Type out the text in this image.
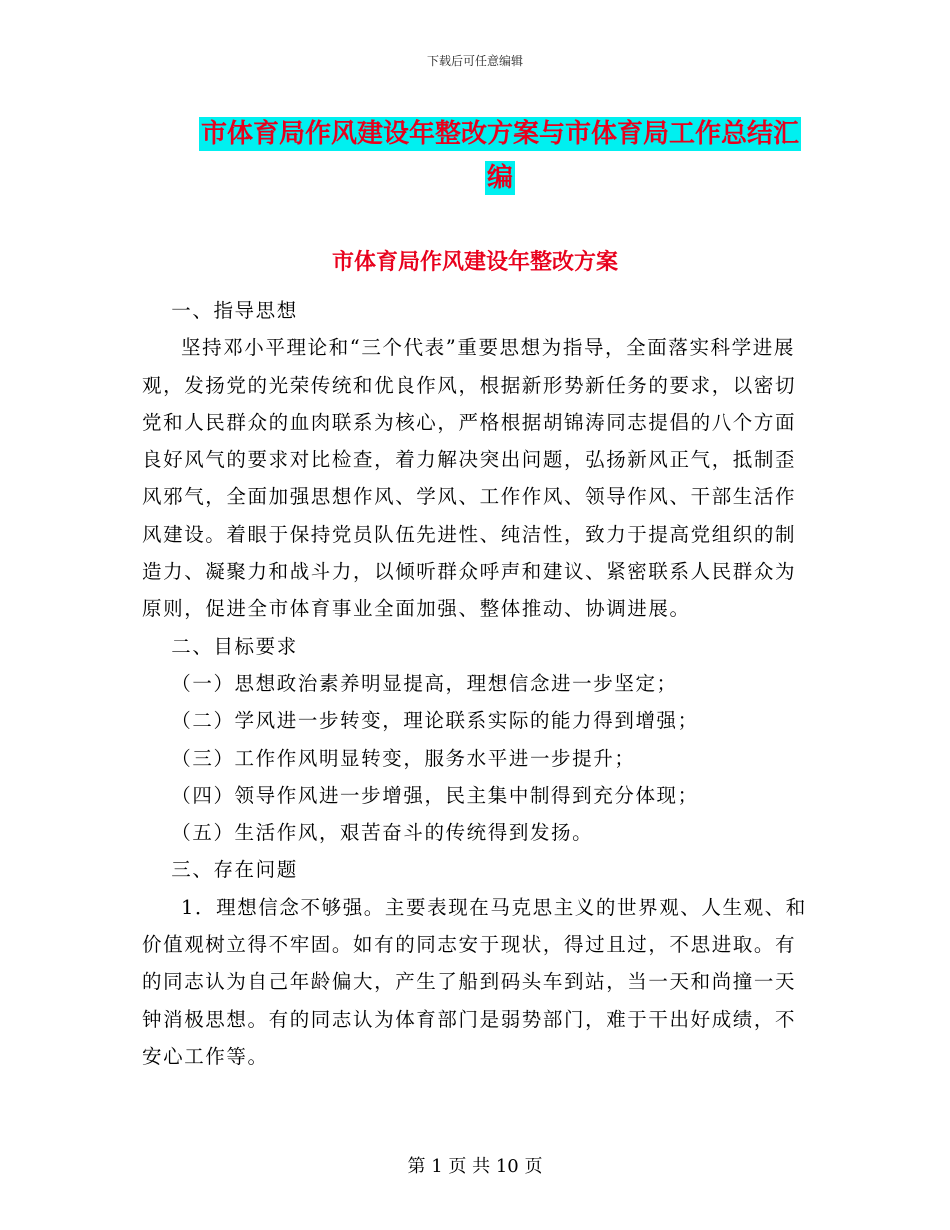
下载后可任意编辑
市体育局作风建设年整改方案与市体育局工作总结汇
编
市体育局作风建设年整改方案

一、指导思想

坚持邓小平理论和“三个代表”重要思想为指导，全面落实科学进展观，发扬党的光荣传统和优良作风，根据新形势新任务的要求，以密切党和人民群众的血肉联系为核心，严格根据胡锦涛同志提倡的八个方面良好风气的要求对比检查，着力解决突出问题，弘扬新风正气，抵制歪风邪气，全面加强思想作风、学风、工作作风、领导作风、干部生活作风建设。着眼于保持党员队伍先进性、纯洁性，致力于提高党组织的制造力、凝聚力和战斗力，以倾听群众呼声和建议、紧密联系人民群众为原则，促进全市体育事业全面加强、整体推动、协调进展。

二、目标要求

（一）思想政治素养明显提高，理想信念进一步坚定；

（二）学风进一步转变，理论联系实际的能力得到增强；

（三）工作作风明显转变，服务水平进一步提升；

（四）领导作风进一步增强，民主集中制得到充分体现；

（五）生活作风，艰苦奋斗的传统得到发扬。

三、存在问题

1．理想信念不够强。主要表现在马克思主义的世界观、人生观、和价值观树立得不牢固。如有的同志安于现状，得过且过，不思进取。有的同志认为自己年龄偏大，产生了船到码头车到站，当一天和尚撞一天钟消极思想。有的同志认为体育部门是弱势部门，难于干出好成绩，不安心工作等。

第 1 页 共 10 页
